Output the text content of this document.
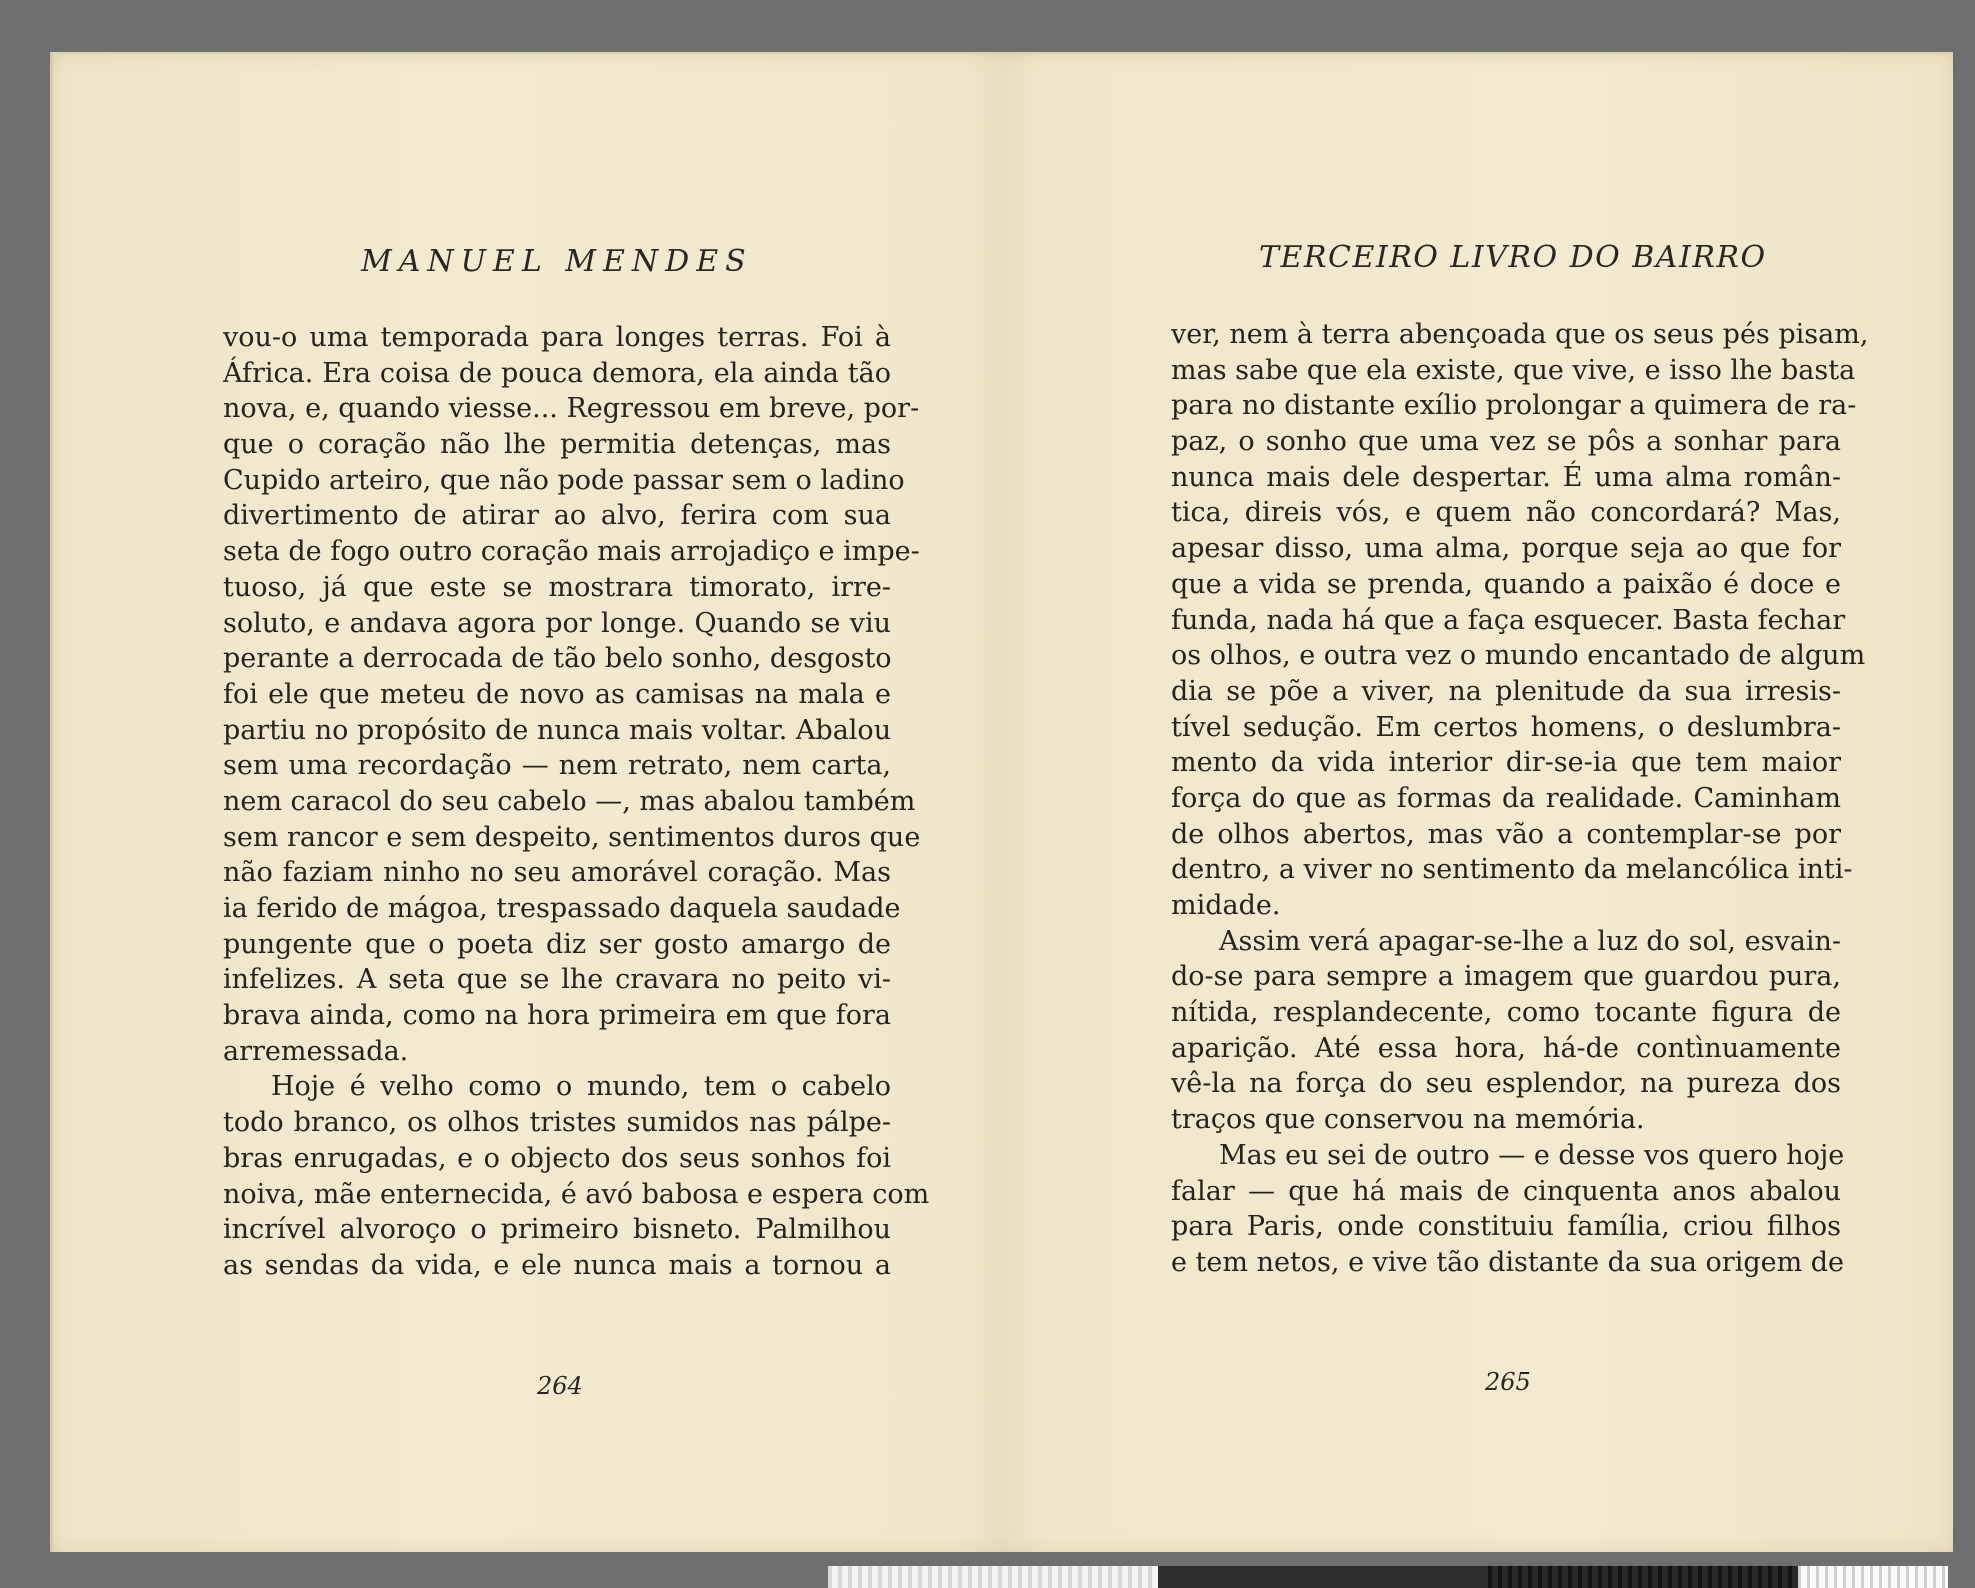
MANUEL MENDES
vou-o uma temporada para longes terras. Foi à
África. Era coisa de pouca demora, ela ainda tão
nova, e, quando viesse... Regressou em breve, por-
que o coração não lhe permitia detenças, mas
Cupido arteiro, que não pode passar sem o ladino
divertimento de atirar ao alvo, ferira com sua
seta de fogo outro coração mais arrojadiço e impe-
tuoso, já que este se mostrara timorato, irre-
soluto, e andava agora por longe. Quando se viu
perante a derrocada de tão belo sonho, desgosto
foi ele que meteu de novo as camisas na mala e
partiu no propósito de nunca mais voltar. Abalou
sem uma recordação — nem retrato, nem carta,
nem caracol do seu cabelo —, mas abalou também
sem rancor e sem despeito, sentimentos duros que
não faziam ninho no seu amorável coração. Mas
ia ferido de mágoa, trespassado daquela saudade
pungente que o poeta diz ser gosto amargo de
infelizes. A seta que se lhe cravara no peito vi-
brava ainda, como na hora primeira em que fora
arremessada.
Hoje é velho como o mundo, tem o cabelo
todo branco, os olhos tristes sumidos nas pálpe-
bras enrugadas, e o objecto dos seus sonhos foi
noiva, mãe enternecida, é avó babosa e espera com
incrível alvoroço o primeiro bisneto. Palmilhou
as sendas da vida, e ele nunca mais a tornou a
264
TERCEIRO LIVRO DO BAIRRO
ver, nem à terra abençoada que os seus pés pisam,
mas sabe que ela existe, que vive, e isso lhe basta
para no distante exílio prolongar a quimera de ra-
paz, o sonho que uma vez se pôs a sonhar para
nunca mais dele despertar. É uma alma român-
tica, direis vós, e quem não concordará? Mas,
apesar disso, uma alma, porque seja ao que for
que a vida se prenda, quando a paixão é doce e
funda, nada há que a faça esquecer. Basta fechar
os olhos, e outra vez o mundo encantado de algum
dia se põe a viver, na plenitude da sua irresis-
tível sedução. Em certos homens, o deslumbra-
mento da vida interior dir-se-ia que tem maior
força do que as formas da realidade. Caminham
de olhos abertos, mas vão a contemplar-se por
dentro, a viver no sentimento da melancólica inti-
midade.
Assim verá apagar-se-lhe a luz do sol, esvain-
do-se para sempre a imagem que guardou pura,
nítida, resplandecente, como tocante figura de
aparição. Até essa hora, há-de contìnuamente
vê-la na força do seu esplendor, na pureza dos
traços que conservou na memória.
Mas eu sei de outro — e desse vos quero hoje
falar — que há mais de cinquenta anos abalou
para Paris, onde constituiu família, criou filhos
e tem netos, e vive tão distante da sua origem de
265
